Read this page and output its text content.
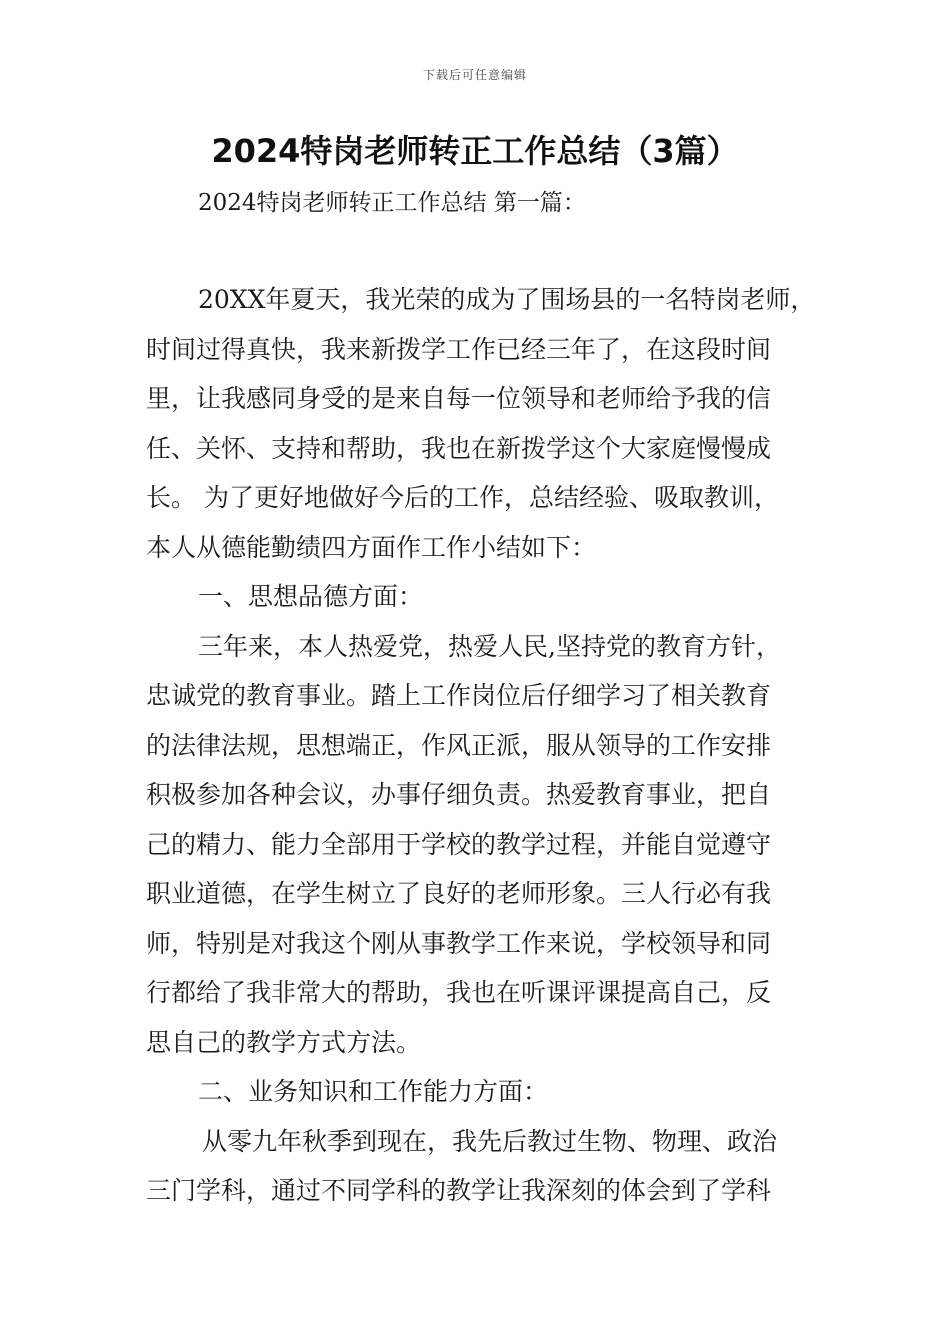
下载后可任意编辑
2024特岗老师转正工作总结（3篇）
2024特岗老师转正工作总结 第一篇：
20XX年夏天，我光荣的成为了围场县的一名特岗老师，
时间过得真快，我来新拨学工作已经三年了，在这段时间
里，让我感同身受的是来自每一位领导和老师给予我的信
任、关怀、支持和帮助，我也在新拨学这个大家庭慢慢成
长。 为了更好地做好今后的工作，总结经验、吸取教训，
本人从德能勤绩四方面作工作小结如下：
一、思想品德方面：
三年来，本人热爱党，热爱人民,坚持党的教育方针，
忠诚党的教育事业。踏上工作岗位后仔细学习了相关教育
的法律法规，思想端正，作风正派，服从领导的工作安排
积极参加各种会议，办事仔细负责。热爱教育事业，把自
己的精力、能力全部用于学校的教学过程，并能自觉遵守
职业道德，在学生树立了良好的老师形象。三人行必有我
师，特别是对我这个刚从事教学工作来说，学校领导和同
行都给了我非常大的帮助，我也在听课评课提高自己，反
思自己的教学方式方法。
二、业务知识和工作能力方面：
从零九年秋季到现在，我先后教过生物、物理、政治
三门学科，通过不同学科的教学让我深刻的体会到了学科
